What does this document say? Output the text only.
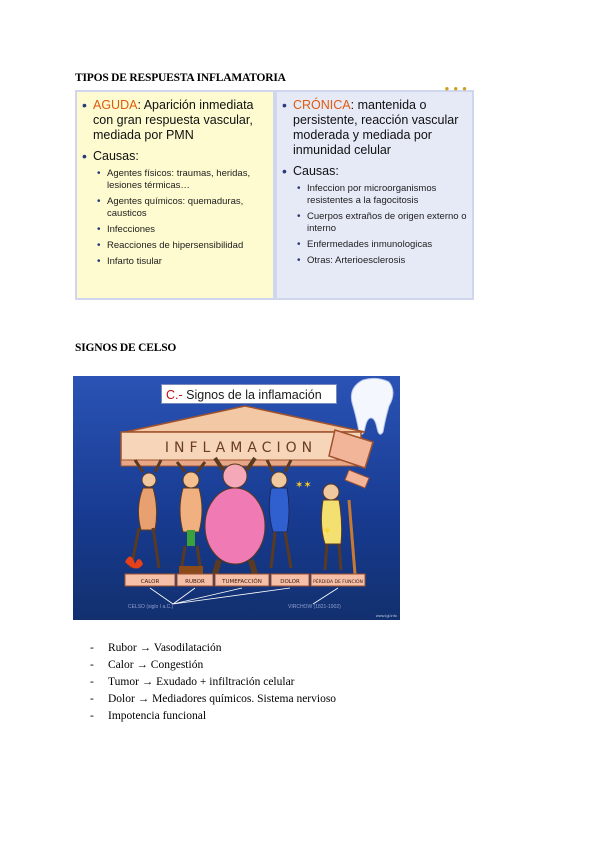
TIPOS DE RESPUESTA INFLAMATORIA
• AGUDA: Aparición inmediata con gran respuesta vascular, mediada por PMN
• Causas:
• Agentes físicos: traumas, heridas, lesiones térmicas…
• Agentes químicos: quemaduras, causticos
• Infecciones
• Reacciones de hipersensibilidad
• Infarto tisular
• CRÓNICA: mantenida o persistente, reacción vascular moderada y mediada por inmunidad celular
• Causas:
• Infeccion por microorganismos resistentes a la fagocitosis
• Cuerpos extraños de origen externo o interno
• Enfermedades inmunologicas
• Otras: Arterioesclerosis
● ● ●
SIGNOS DE CELSO
INFLAMACION
✶✶
✶
CALOR	RUBOR	TUMEFACCIÓN	DOLOR	PÉRDIDA DE FUNCIÓN
C.- Signos de la inflamación
CELSO (siglo I a.C.)	VIRCHOW (1821-1902)
www.lgl.info
- Rubor → Vasodilatación
- Calor → Congestión
- Tumor → Exudado + infiltración celular
- Dolor → Mediadores químicos. Sistema nervioso
- Impotencia funcional
